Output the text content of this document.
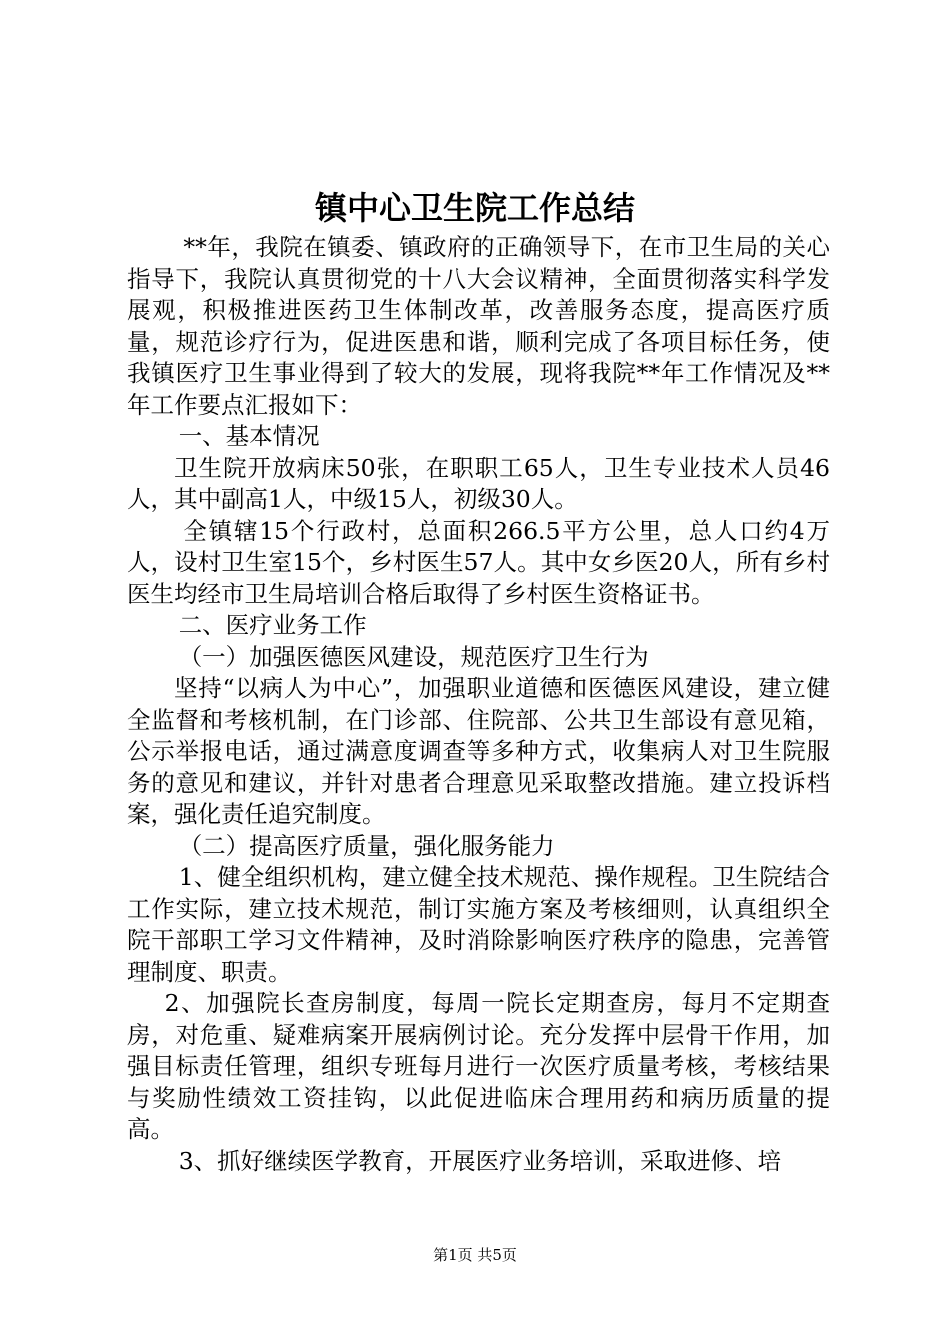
镇中心卫生院工作总结

**年，我院在镇委、镇政府的正确领导下，在市卫生局的关心指导下，我院认真贯彻党的十八大会议精神，全面贯彻落实科学发展观，积极推进医药卫生体制改革，改善服务态度，提高医疗质量，规范诊疗行为，促进医患和谐，顺利完成了各项目标任务，使我镇医疗卫生事业得到了较大的发展，现将我院**年工作情况及**年工作要点汇报如下：

一、基本情况

卫生院开放病床50张，在职职工65人，卫生专业技术人员46人，其中副高1人，中级15人，初级30人。

全镇辖15个行政村，总面积266.5平方公里，总人口约4万人，设村卫生室15个，乡村医生57人。其中女乡医20人，所有乡村医生均经市卫生局培训合格后取得了乡村医生资格证书。

二、医疗业务工作

（一）加强医德医风建设，规范医疗卫生行为

坚持“以病人为中心”，加强职业道德和医德医风建设，建立健全监督和考核机制，在门诊部、住院部、公共卫生部设有意见箱，公示举报电话，通过满意度调查等多种方式，收集病人对卫生院服务的意见和建议，并针对患者合理意见采取整改措施。建立投诉档案，强化责任追究制度。

（二）提高医疗质量，强化服务能力

1、健全组织机构，建立健全技术规范、操作规程。卫生院结合工作实际，建立技术规范，制订实施方案及考核细则，认真组织全院干部职工学习文件精神，及时消除影响医疗秩序的隐患，完善管理制度、职责。

2、加强院长查房制度，每周一院长定期查房，每月不定期查房，对危重、疑难病案开展病例讨论。充分发挥中层骨干作用，加强目标责任管理，组织专班每月进行一次医疗质量考核，考核结果与奖励性绩效工资挂钩，以此促进临床合理用药和病历质量的提高。

3、抓好继续医学教育，开展医疗业务培训，采取进修、培

第1页 共5页
